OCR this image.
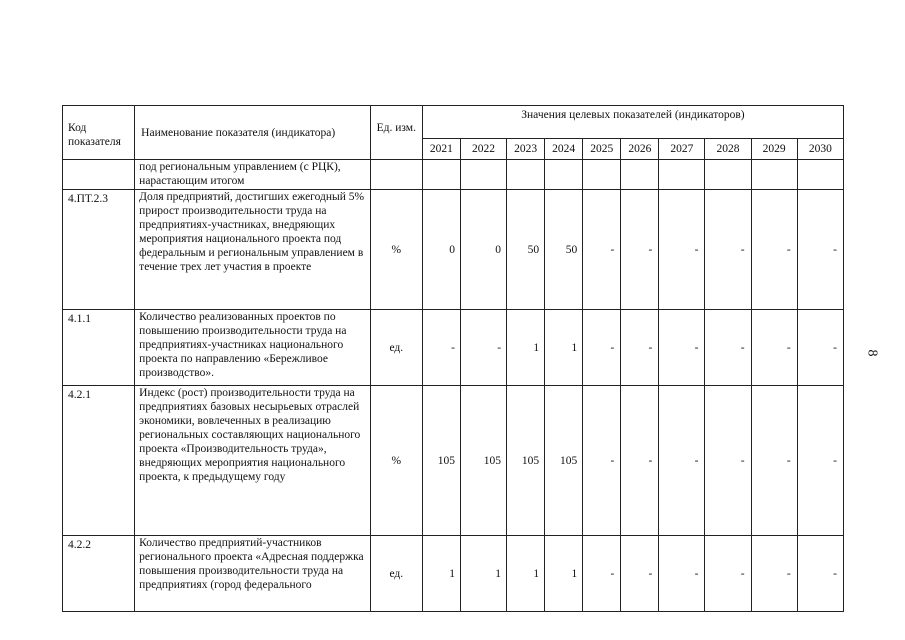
Код показателя	Наименование показателя (индикатора)	Ед. изм.	Значения целевых показателей (индикаторов)									
			2021	2022	2023	2024	2025	2026	2027	2028	2029	2030
	под региональным управлением (с РЦК), нарастающим итогом											
4.ПТ.2.3	Доля предприятий, достигших ежегодный 5% прирост производительности труда на предприятиях-участниках, внедряющих мероприятия национального проекта под федеральным и региональным управлением в течение трех лет участия в проекте	%	0	0	50	50	-	-	-	-	-	-
4.1.1	Количество реализованных проектов по повышению производительности труда на предприятиях-участниках национального проекта по направлению «Бережливое производство».	ед.	-	-	1	1	-	-	-	-	-	-
4.2.1	Индекс (рост) производительности труда на предприятиях базовых несырьевых отраслей экономики, вовлеченных в реализацию региональных составляющих национального проекта «Производительность труда», внедряющих мероприятия национального проекта, к предыдущему году	%	105	105	105	105	-	-	-	-	-	-
4.2.2	Количество предприятий-участников регионального проекта «Адресная поддержка повышения производительности труда на предприятиях (город федерального	ед.	1	1	1	1	-	-	-	-	-	-
8
